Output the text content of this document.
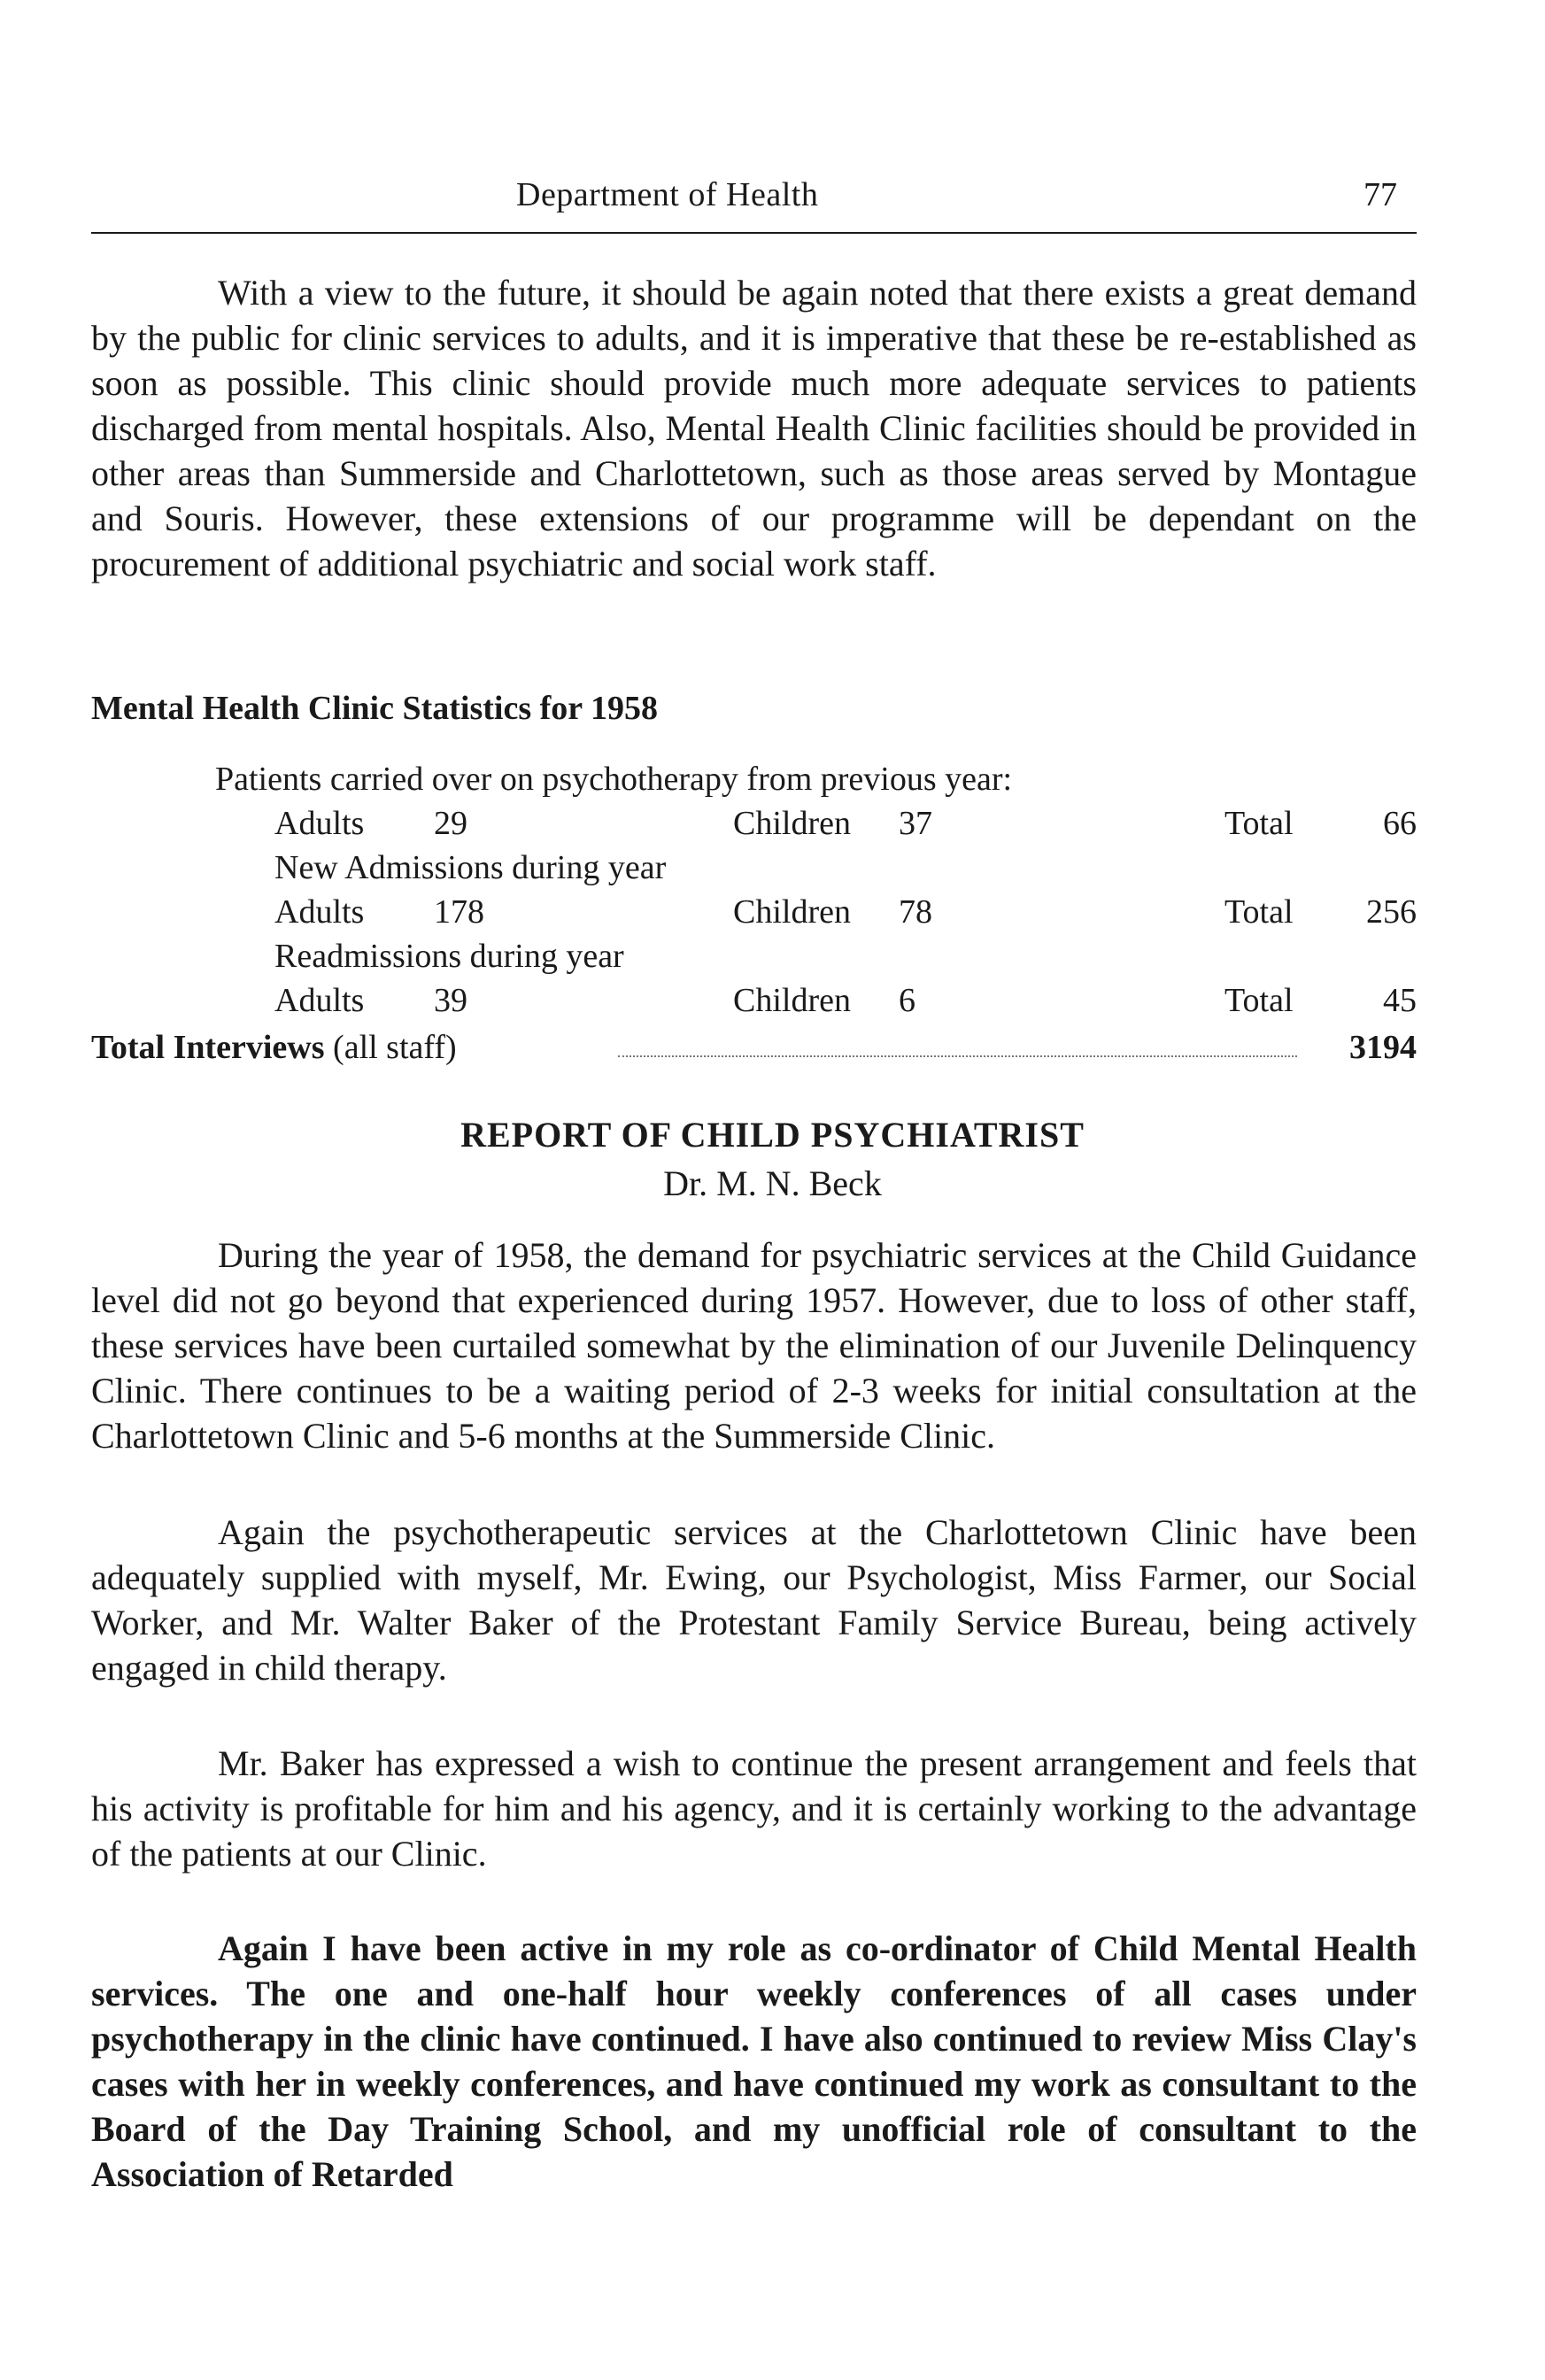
Department of Health	77

With a view to the future, it should be again noted that there exists a great demand by the public for clinic services to adults, and it is imperative that these be re-established as soon as possible. This clinic should provide much more adequate services to patients discharged from mental hospitals. Also, Mental Health Clinic facilities should be provided in other areas than Summerside and Charlottetown, such as those areas served by Montague and Souris. However, these extensions of our programme will be dependant on the procurement of additional psychiatric and social work staff.

Mental Health Clinic Statistics for 1958
Patients carried over on psychotherapy from previous year:
Adults 29	Children 37	Total	66
New Admissions during year
Adults 178	Children 78	Total 256
Readmissions during year
Adults 39	Children 6	Total	45
Total Interviews (all staff)	3194
REPORT OF CHILD PSYCHIATRIST
Dr. M. N. Beck

During the year of 1958, the demand for psychiatric services at the Child Guidance level did not go beyond that experienced during 1957. However, due to loss of other staff, these services have been curtailed somewhat by the elimination of our Juvenile Delinquency Clinic. There continues to be a waiting period of 2-3 weeks for initial consultation at the Charlottetown Clinic and 5-6 months at the Summerside Clinic.

Again the psychotherapeutic services at the Charlottetown Clinic have been adequately supplied with myself, Mr. Ewing, our Psychologist, Miss Farmer, our Social Worker, and Mr. Walter Baker of the Protestant Family Service Bureau, being actively engaged in child therapy.

Mr. Baker has expressed a wish to continue the present arrangement and feels that his activity is profitable for him and his agency, and it is certainly working to the advantage of the patients at our Clinic.

Again I have been active in my role as co-ordinator of Child Mental Health services. The one and one-half hour weekly conferences of all cases under psychotherapy in the clinic have continued. I have also continued to review Miss Clay's cases with her in weekly conferences, and have continued my work as consultant to the Board of the Day Training School, and my unofficial role of consultant to the Association of Retarded
